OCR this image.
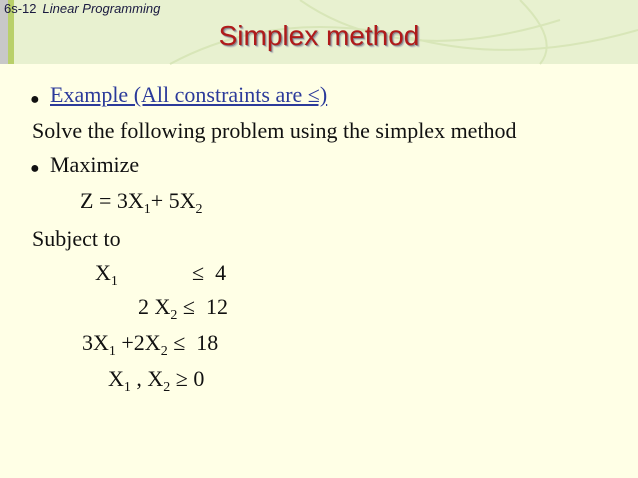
6s-12 Linear Programming
Simplex method
● Example (All constraints are ≤)
Solve the following problem using the simplex method
● Maximize
$Z = 3X_1+ 5X_2$
Subject to
$X_1$	≤  4
2 $X_2 \le 12$
$3X_1 +2X_2 \le 18$
$X_1$ , $X_2 \ge 0$
